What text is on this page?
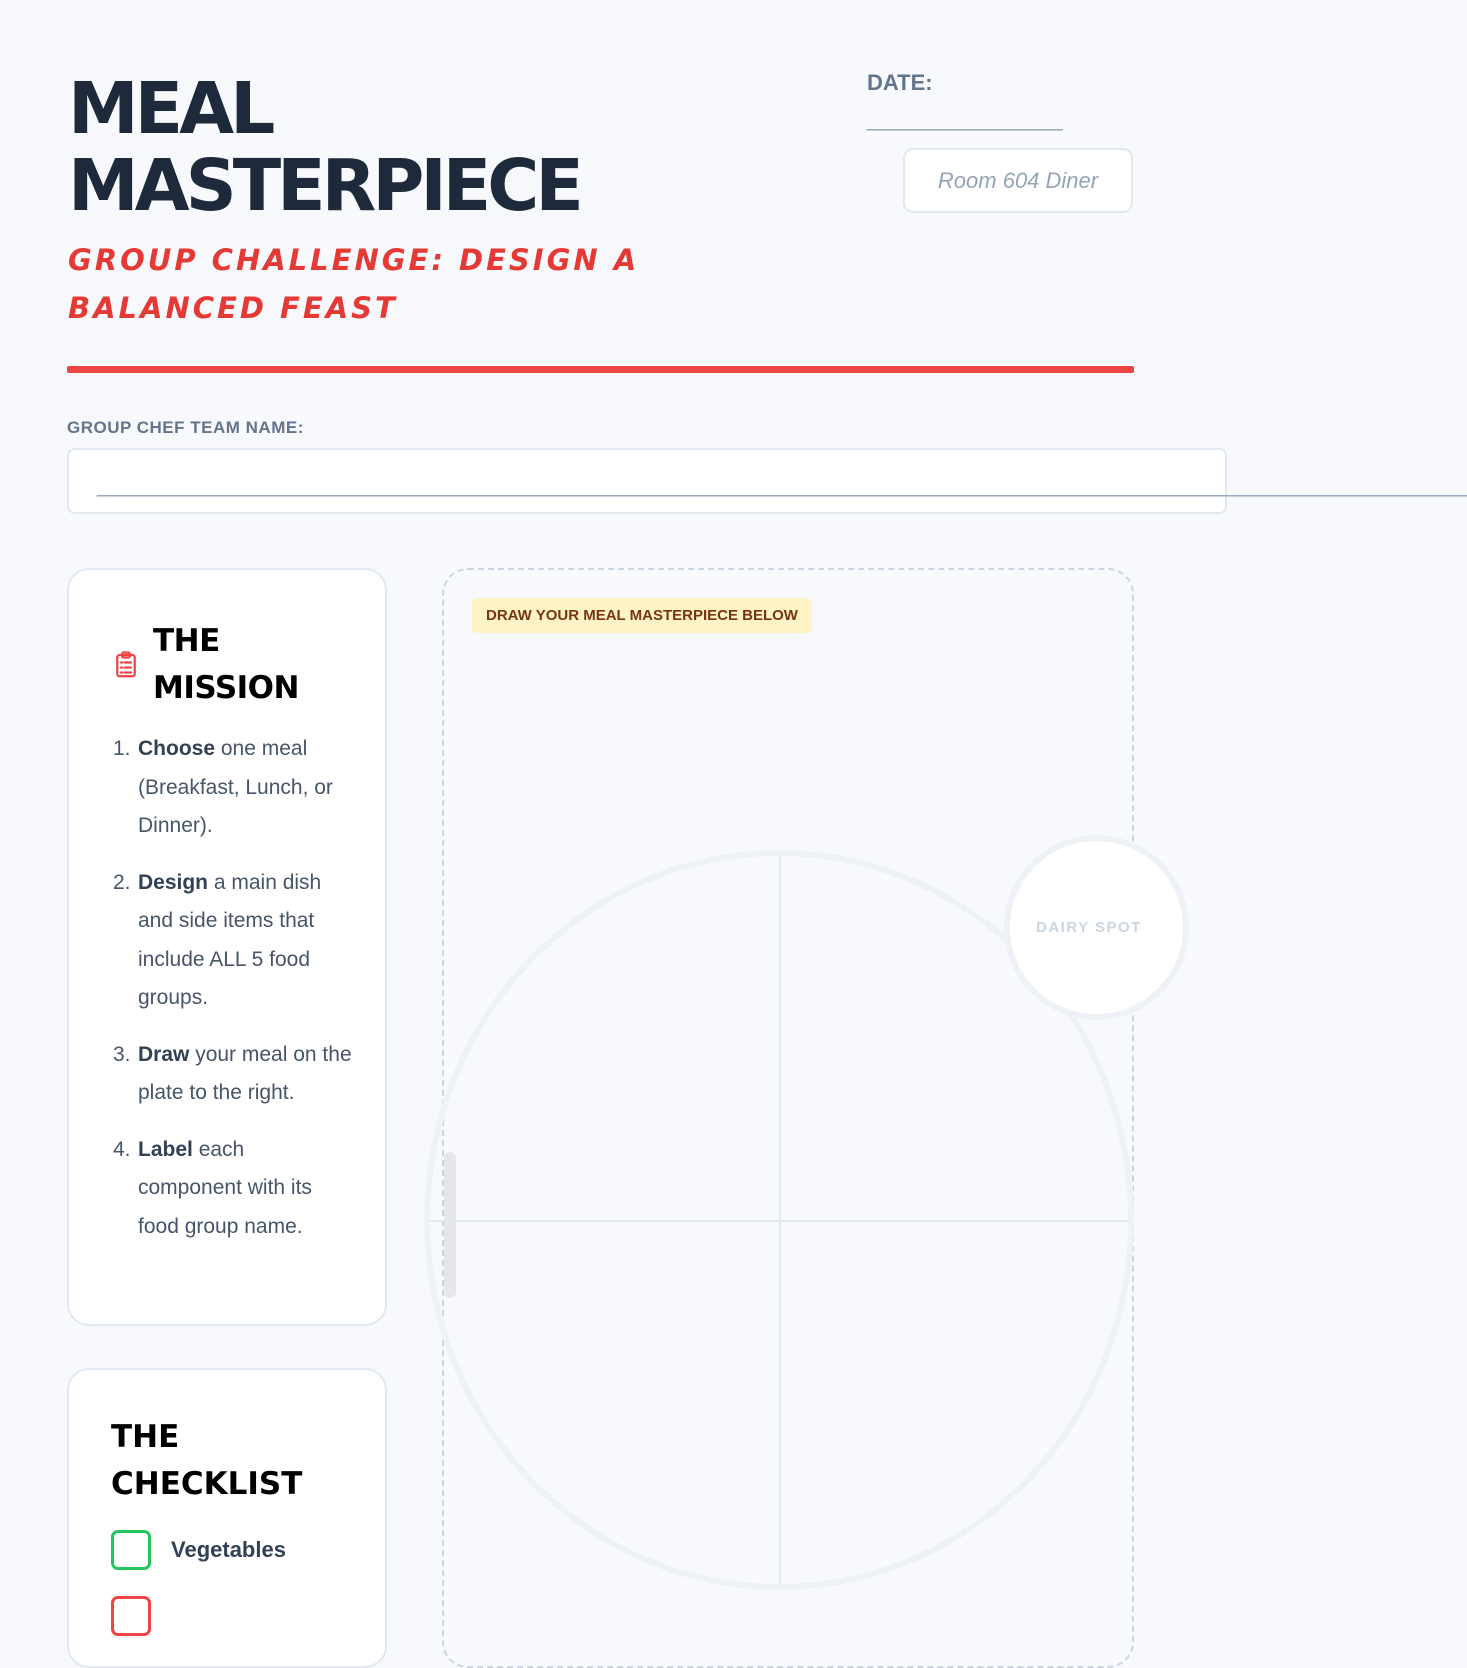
MEAL
MASTERPIECE
GROUP CHALLENGE: DESIGN A BALANCED FEAST
DATE:
________________
Room 604 Diner
GROUP CHEF TEAM NAME:
________________________________________________________________________________________________________________
THE
MISSION
1. Choose one meal (Breakfast, Lunch, or Dinner).
2. Design a main dish and side items that include ALL 5 food groups.
3. Draw your meal on the plate to the right.
4. Label each component with its food group name.
THE
CHECKLIST
Vegetables
DRAW YOUR MEAL MASTERPIECE BELOW
DAIRY SPOT
